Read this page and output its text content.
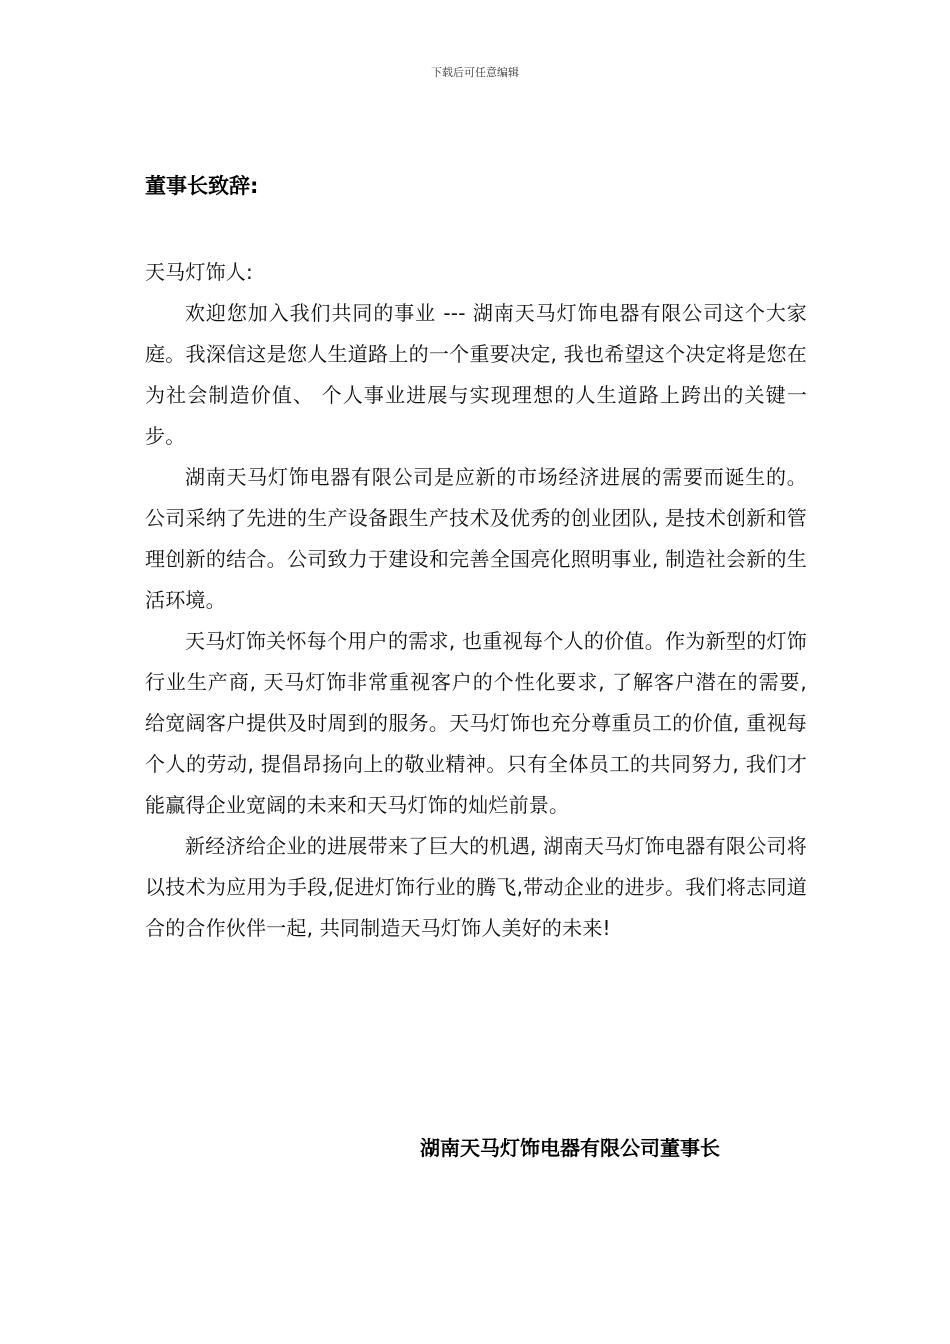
下载后可任意编辑
董事长致辞:

天马灯饰人:

欢迎您加入我们共同的事业 --- 湖南天马灯饰电器有限公司这个大家庭。我深信这是您人生道路上的一个重要决定, 我也希望这个决定将是您在为社会制造价值、 个人事业进展与实现理想的人生道路上跨出的关键一步。

湖南天马灯饰电器有限公司是应新的市场经济进展的需要而诞生的。公司采纳了先进的生产设备跟生产技术及优秀的创业团队, 是技术创新和管理创新的结合。公司致力于建设和完善全国亮化照明事业, 制造社会新的生活环境。

天马灯饰关怀每个用户的需求, 也重视每个人的价值。作为新型的灯饰行业生产商, 天马灯饰非常重视客户的个性化要求, 了解客户潜在的需要, 给宽阔客户提供及时周到的服务。天马灯饰也充分尊重员工的价值, 重视每个人的劳动, 提倡昂扬向上的敬业精神。只有全体员工的共同努力, 我们才能赢得企业宽阔的未来和天马灯饰的灿烂前景。

新经济给企业的进展带来了巨大的机遇, 湖南天马灯饰电器有限公司将以技术为应用为手段,促进灯饰行业的腾飞,带动企业的进步。我们将志同道合的合作伙伴一起, 共同制造天马灯饰人美好的未来!

湖南天马灯饰电器有限公司董事长
